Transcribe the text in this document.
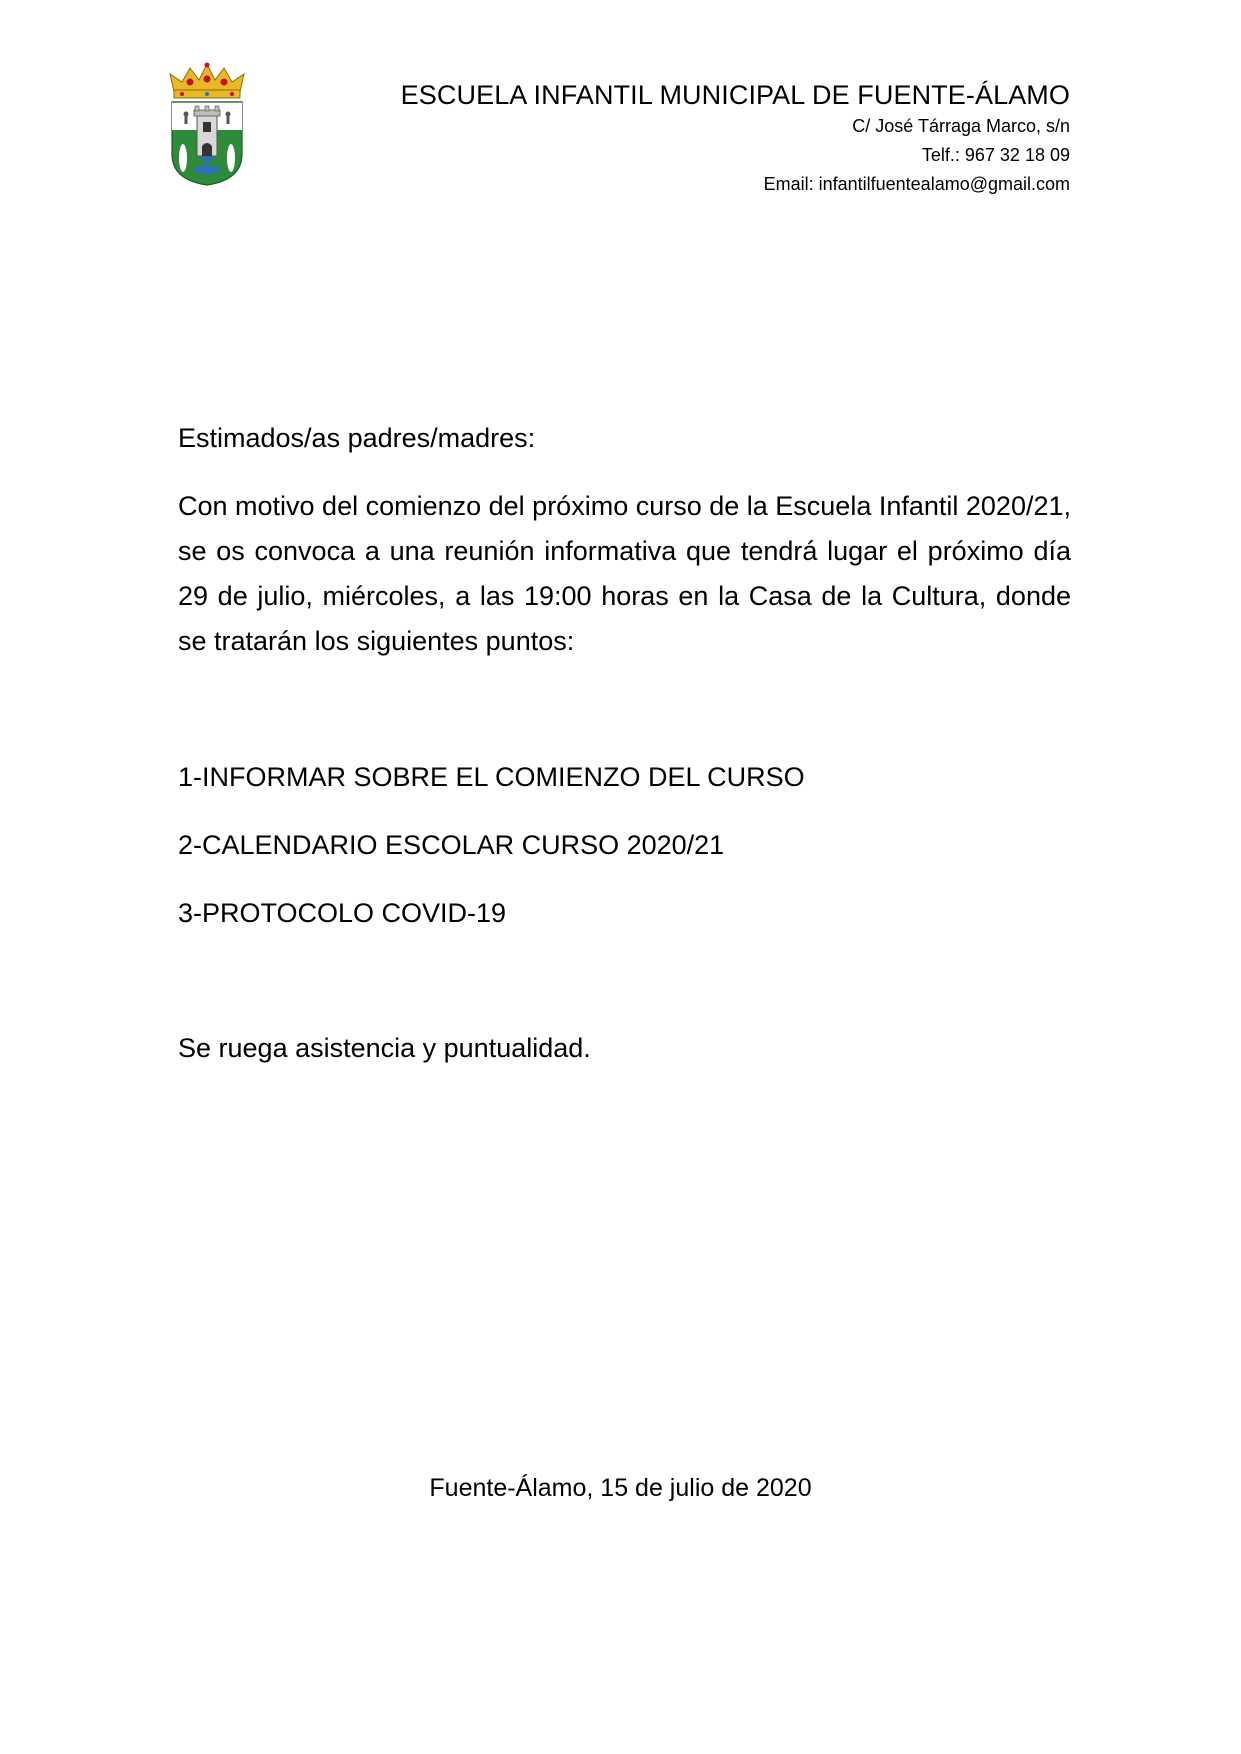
ESCUELA INFANTIL MUNICIPAL DE FUENTE-ÁLAMO
C/ José Tárraga Marco, s/n
Telf.: 967 32 18 09
Email: infantilfuentealamo@gmail.com
Estimados/as padres/madres:
Con motivo del comienzo del próximo curso de la Escuela Infantil 2020/21, se os convoca a una reunión informativa que tendrá lugar el próximo día 29 de julio, miércoles, a las 19:00 horas en la Casa de la Cultura, donde se tratarán los siguientes puntos:
1-INFORMAR SOBRE EL COMIENZO DEL CURSO
2-CALENDARIO ESCOLAR CURSO 2020/21
3-PROTOCOLO COVID-19
Se ruega asistencia y puntualidad.
Fuente-Álamo, 15 de julio de 2020
